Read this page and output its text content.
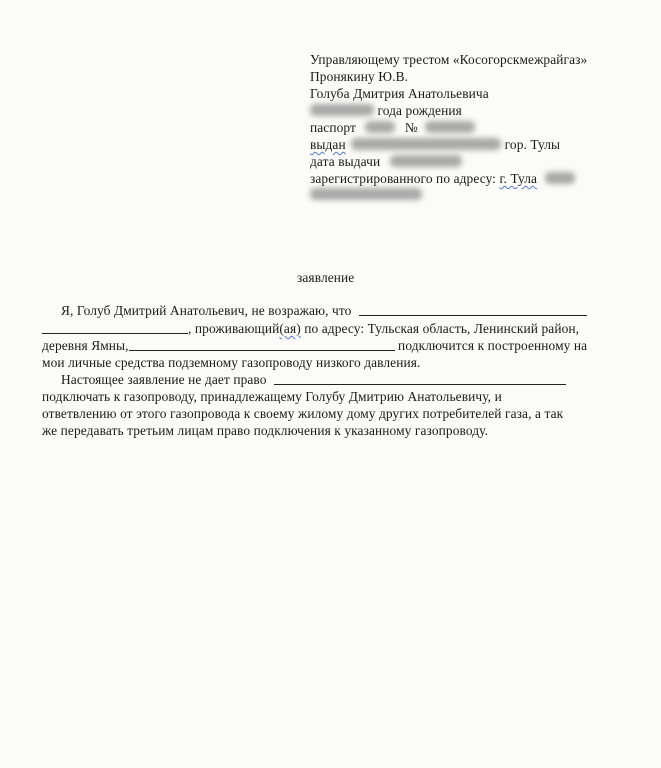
Управляющему трестом «Косогорскмежрайгаз»
Пронякину Ю.В.
Голуба Дмитрия Анатольевича
года рождения
паспорт	№
выдан	гор. Тулы
дата выдачи
зарегистрированного по адресу: г. Тула
заявление
Я, Голуб Дмитрий Анатольевич, не возражаю, что
, проживающий(ая) по адресу: Тульская область, Ленинский район,
деревня Ямны,	подключится к построенному на
мои личные средства подземному газопроводу низкого давления.
Настоящее заявление не дает право
подключать к газопроводу, принадлежащему Голубу Дмитрию Анатольевичу, и
ответвлению от этого газопровода к своему жилому дому других потребителей газа, а так
же передавать третьим лицам право подключения к указанному газопроводу.
